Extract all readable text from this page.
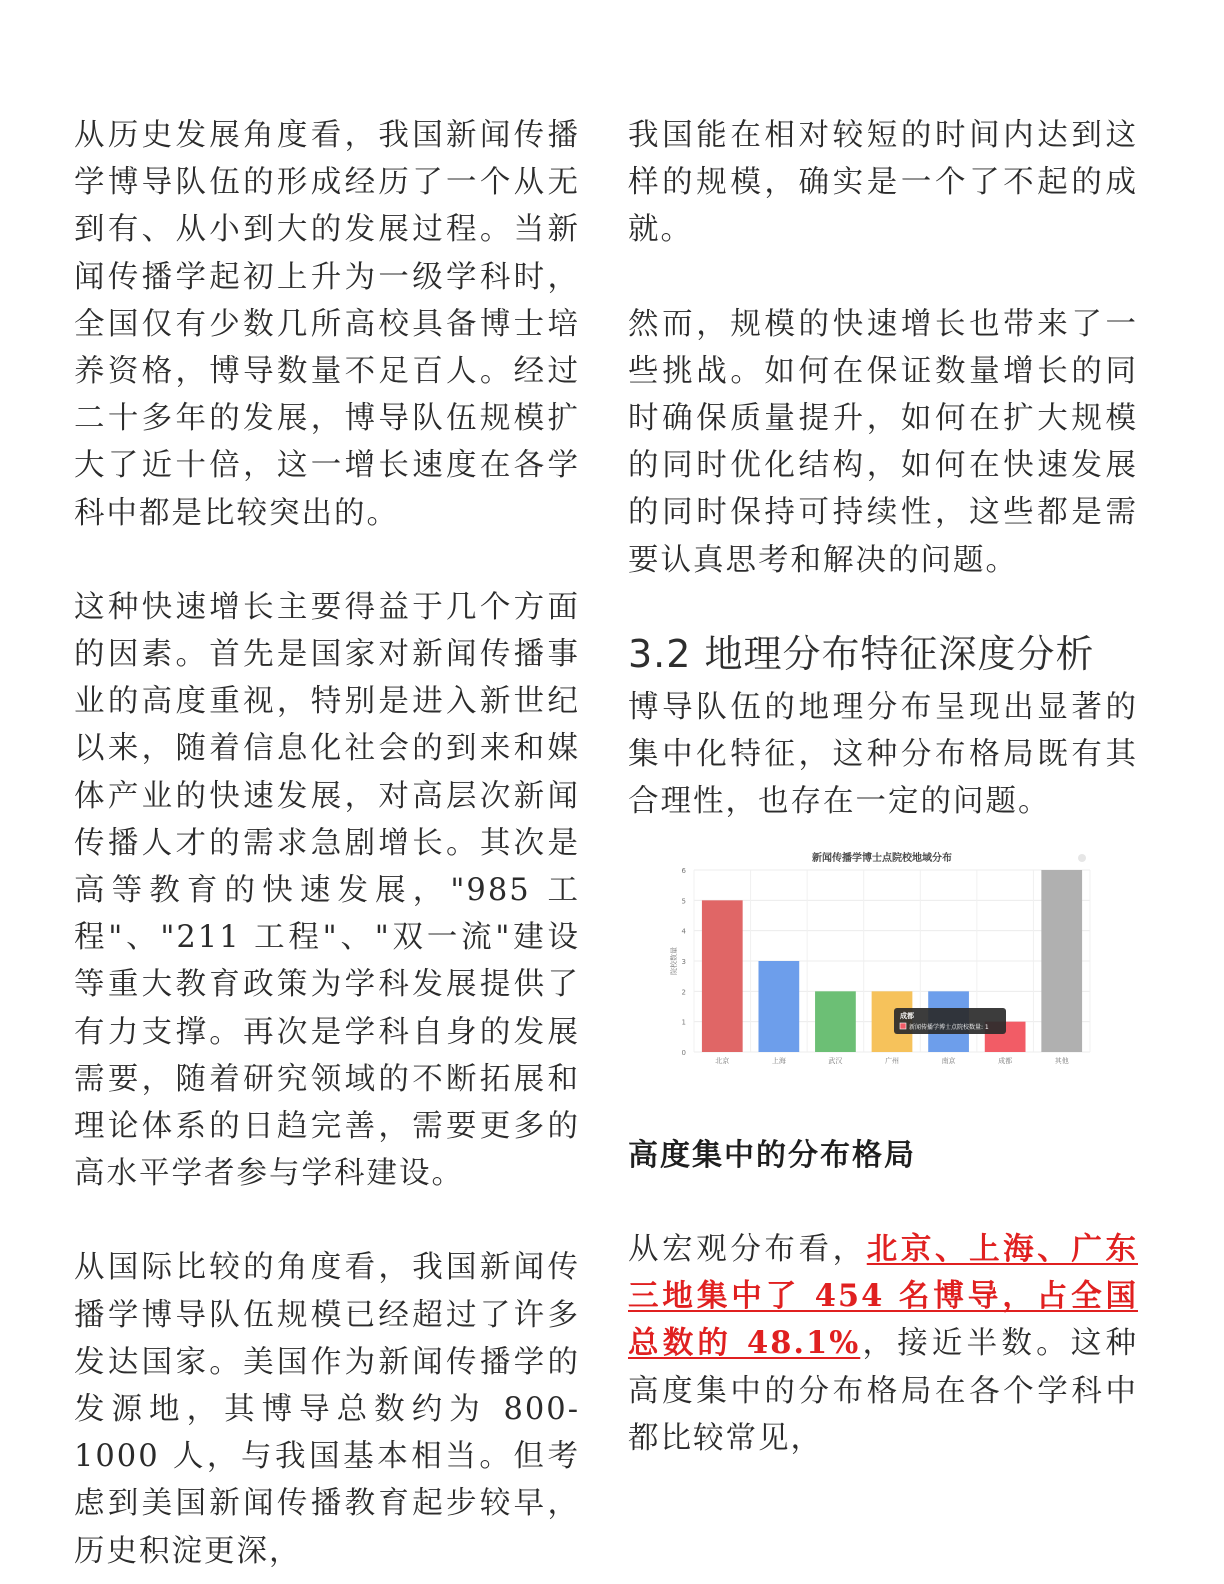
从历史发展角度看，我国新闻传播学博导队伍的形成经历了一个从无到有、从小到大的发展过程。当新闻传播学起初上升为一级学科时，全国仅有少数几所高校具备博士培养资格，博导数量不足百人。经过二十多年的发展，博导队伍规模扩大了近十倍，这一增长速度在各学科中都是比较突出的。

这种快速增长主要得益于几个方面的因素。首先是国家对新闻传播事业的高度重视，特别是进入新世纪以来，随着信息化社会的到来和媒体产业的快速发展，对高层次新闻传播人才的需求急剧增长。其次是高等教育的快速发展，"985 工程"、"211 工程"、"双一流"建设等重大教育政策为学科发展提供了有力支撑。再次是学科自身的发展需要，随着研究领域的不断拓展和理论体系的日趋完善，需要更多的高水平学者参与学科建设。

从国际比较的角度看，我国新闻传播学博导队伍规模已经超过了许多发达国家。美国作为新闻传播学的发源地，其博导总数约为 800-1000 人，与我国基本相当。但考虑到美国新闻传播教育起步较早，历史积淀更深，

我国能在相对较短的时间内达到这样的规模，确实是一个了不起的成就。

然而，规模的快速增长也带来了一些挑战。如何在保证数量增长的同时确保质量提升，如何在扩大规模的同时优化结构，如何在快速发展的同时保持可持续性，这些都是需要认真思考和解决的问题。

3.2 地理分布特征深度分析

博导队伍的地理分布呈现出显著的集中化特征，这种分布格局既有其合理性，也存在一定的问题。

新闻传播学博士点院校地域分布
0
1
2
3
4
5
6
院校数量
北京	上海	武汉	广州	南京	成都	其他
成都
新闻传播学博士点院校数量: 1
高度集中的分布格局

从宏观分布看，北京、上海、广东三地集中了 454 名博导，占全国总数的 48.1%，接近半数。这种高度集中的分布格局在各个学科中都比较常见，
